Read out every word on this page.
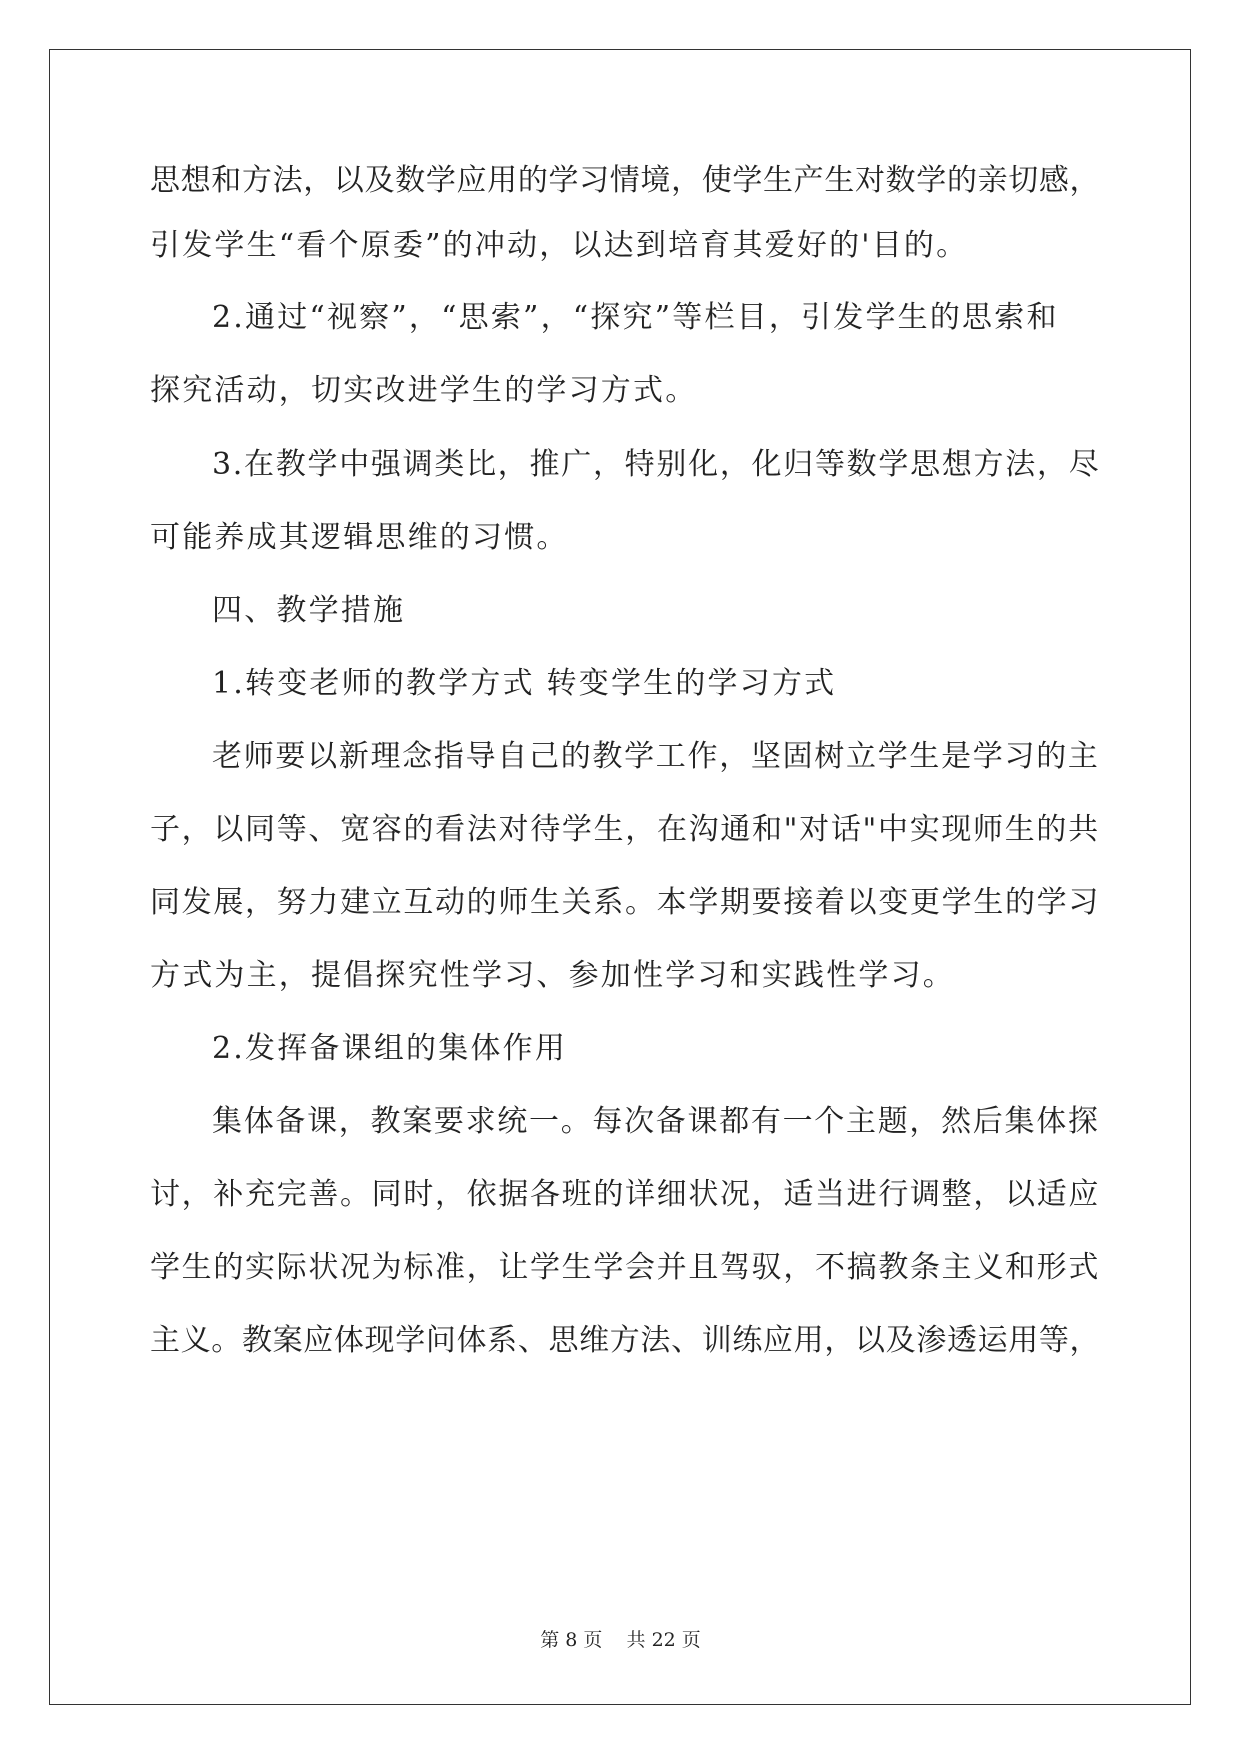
思想和方法，以及数学应用的学习情境，使学生产生对数学的亲切感，
引发学生“看个原委”的冲动，以达到培育其爱好的'目的。
2.通过“视察”，“思索”，“探究”等栏目，引发学生的思索和
探究活动，切实改进学生的学习方式。
3.在教学中强调类比，推广，特别化，化归等数学思想方法，尽
可能养成其逻辑思维的习惯。
四、教学措施
1.转变老师的教学方式 转变学生的学习方式
老师要以新理念指导自己的教学工作，坚固树立学生是学习的主
子，以同等、宽容的看法对待学生，在沟通和"对话"中实现师生的共
同发展，努力建立互动的师生关系。本学期要接着以变更学生的学习
方式为主，提倡探究性学习、参加性学习和实践性学习。
2.发挥备课组的集体作用
集体备课，教案要求统一。每次备课都有一个主题，然后集体探
讨，补充完善。同时，依据各班的详细状况，适当进行调整，以适应
学生的实际状况为标准，让学生学会并且驾驭，不搞教条主义和形式
主义。教案应体现学问体系、思维方法、训练应用，以及渗透运用等，
第 8 页    共 22 页
